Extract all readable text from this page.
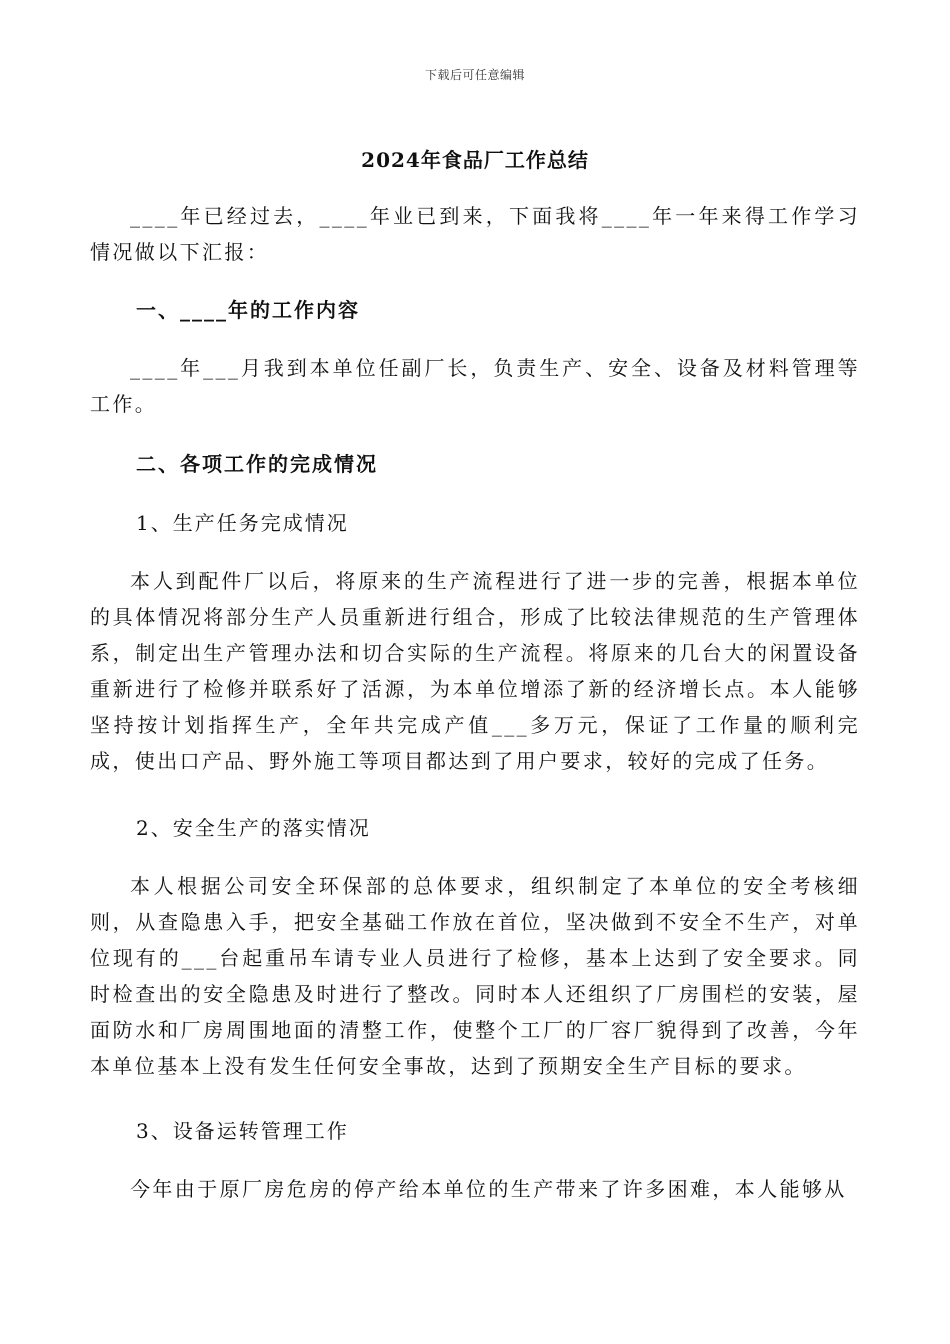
下载后可任意编辑
2024年食品厂工作总结

____年已经过去，____年业已到来，下面我将____年一年来得工作学习情况做以下汇报：

一、____年的工作内容

____年___月我到本单位任副厂长，负责生产、安全、设备及材料管理等工作。

二、各项工作的完成情况

1、生产任务完成情况

本人到配件厂以后，将原来的生产流程进行了进一步的完善，根据本单位的具体情况将部分生产人员重新进行组合，形成了比较法律规范的生产管理体系，制定出生产管理办法和切合实际的生产流程。将原来的几台大的闲置设备重新进行了检修并联系好了活源，为本单位增添了新的经济增长点。本人能够坚持按计划指挥生产，全年共完成产值___多万元，保证了工作量的顺利完成，使出口产品、野外施工等项目都达到了用户要求，较好的完成了任务。

2、安全生产的落实情况

本人根据公司安全环保部的总体要求，组织制定了本单位的安全考核细则，从查隐患入手，把安全基础工作放在首位，坚决做到不安全不生产，对单位现有的___台起重吊车请专业人员进行了检修，基本上达到了安全要求。同时检查出的安全隐患及时进行了整改。同时本人还组织了厂房围栏的安装，屋面防水和厂房周围地面的清整工作，使整个工厂的厂容厂貌得到了改善，今年本单位基本上没有发生任何安全事故，达到了预期安全生产目标的要求。

3、设备运转管理工作

今年由于原厂房危房的停产给本单位的生产带来了许多困难，本人能够从
